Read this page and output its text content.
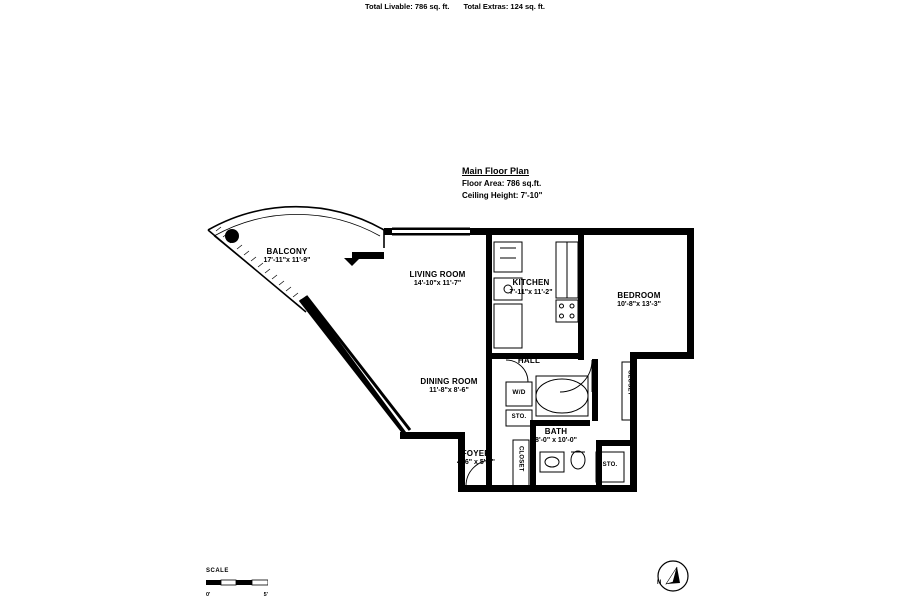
Total Livable: 786 sq. ft. Total Extras: 124 sq. ft.
Main Floor Plan
Floor Area: 786 sq.ft.
Ceiling Height: 7'-10"
BALCONY
17'-11"x 11'-9"
LIVING ROOM
14'-10"x 11'-7"	KITCHEN
7'-11"x 11'-2"	BEDROOM
10'-8"x 13'-3"
DINING ROOM
11'-8"x 8'-6"
HALL
BATH
8'-0" x 10'-0"
FOYER
4'-6" x 5'-4"
W/D
STO.
STO.
CLOSET
CLOSET
SCALE
0'	5'
N
